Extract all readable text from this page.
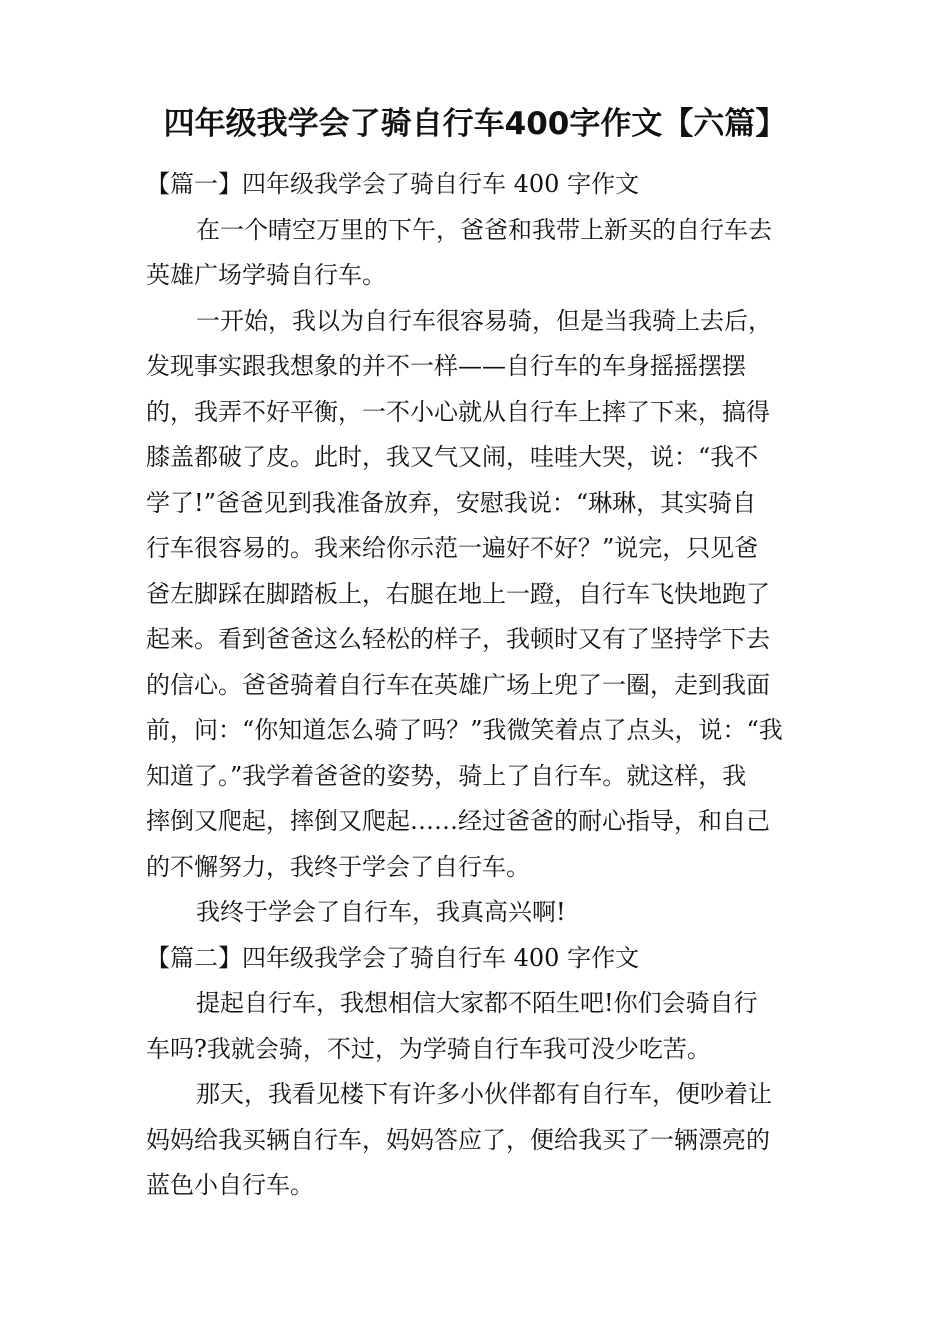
四年级我学会了骑自行车400字作文【六篇】
【篇一】四年级我学会了骑自行车 400 字作文
在一个晴空万里的下午，爸爸和我带上新买的自行车去
英雄广场学骑自行车。
一开始，我以为自行车很容易骑，但是当我骑上去后，
发现事实跟我想象的并不一样——自行车的车身摇摇摆摆
的，我弄不好平衡，一不小心就从自行车上摔了下来，搞得
膝盖都破了皮。此时，我又气又闹，哇哇大哭，说：“我不
学了!”爸爸见到我准备放弃，安慰我说：“琳琳，其实骑自
行车很容易的。我来给你示范一遍好不好？”说完，只见爸
爸左脚踩在脚踏板上，右腿在地上一蹬，自行车飞快地跑了
起来。看到爸爸这么轻松的样子，我顿时又有了坚持学下去
的信心。爸爸骑着自行车在英雄广场上兜了一圈，走到我面
前，问：“你知道怎么骑了吗？”我微笑着点了点头，说：“我
知道了。”我学着爸爸的姿势，骑上了自行车。就这样，我
摔倒又爬起，摔倒又爬起……经过爸爸的耐心指导，和自己
的不懈努力，我终于学会了自行车。
我终于学会了自行车，我真高兴啊!
【篇二】四年级我学会了骑自行车 400 字作文
提起自行车，我想相信大家都不陌生吧!你们会骑自行
车吗?我就会骑，不过，为学骑自行车我可没少吃苦。
那天，我看见楼下有许多小伙伴都有自行车，便吵着让
妈妈给我买辆自行车，妈妈答应了，便给我买了一辆漂亮的
蓝色小自行车。
